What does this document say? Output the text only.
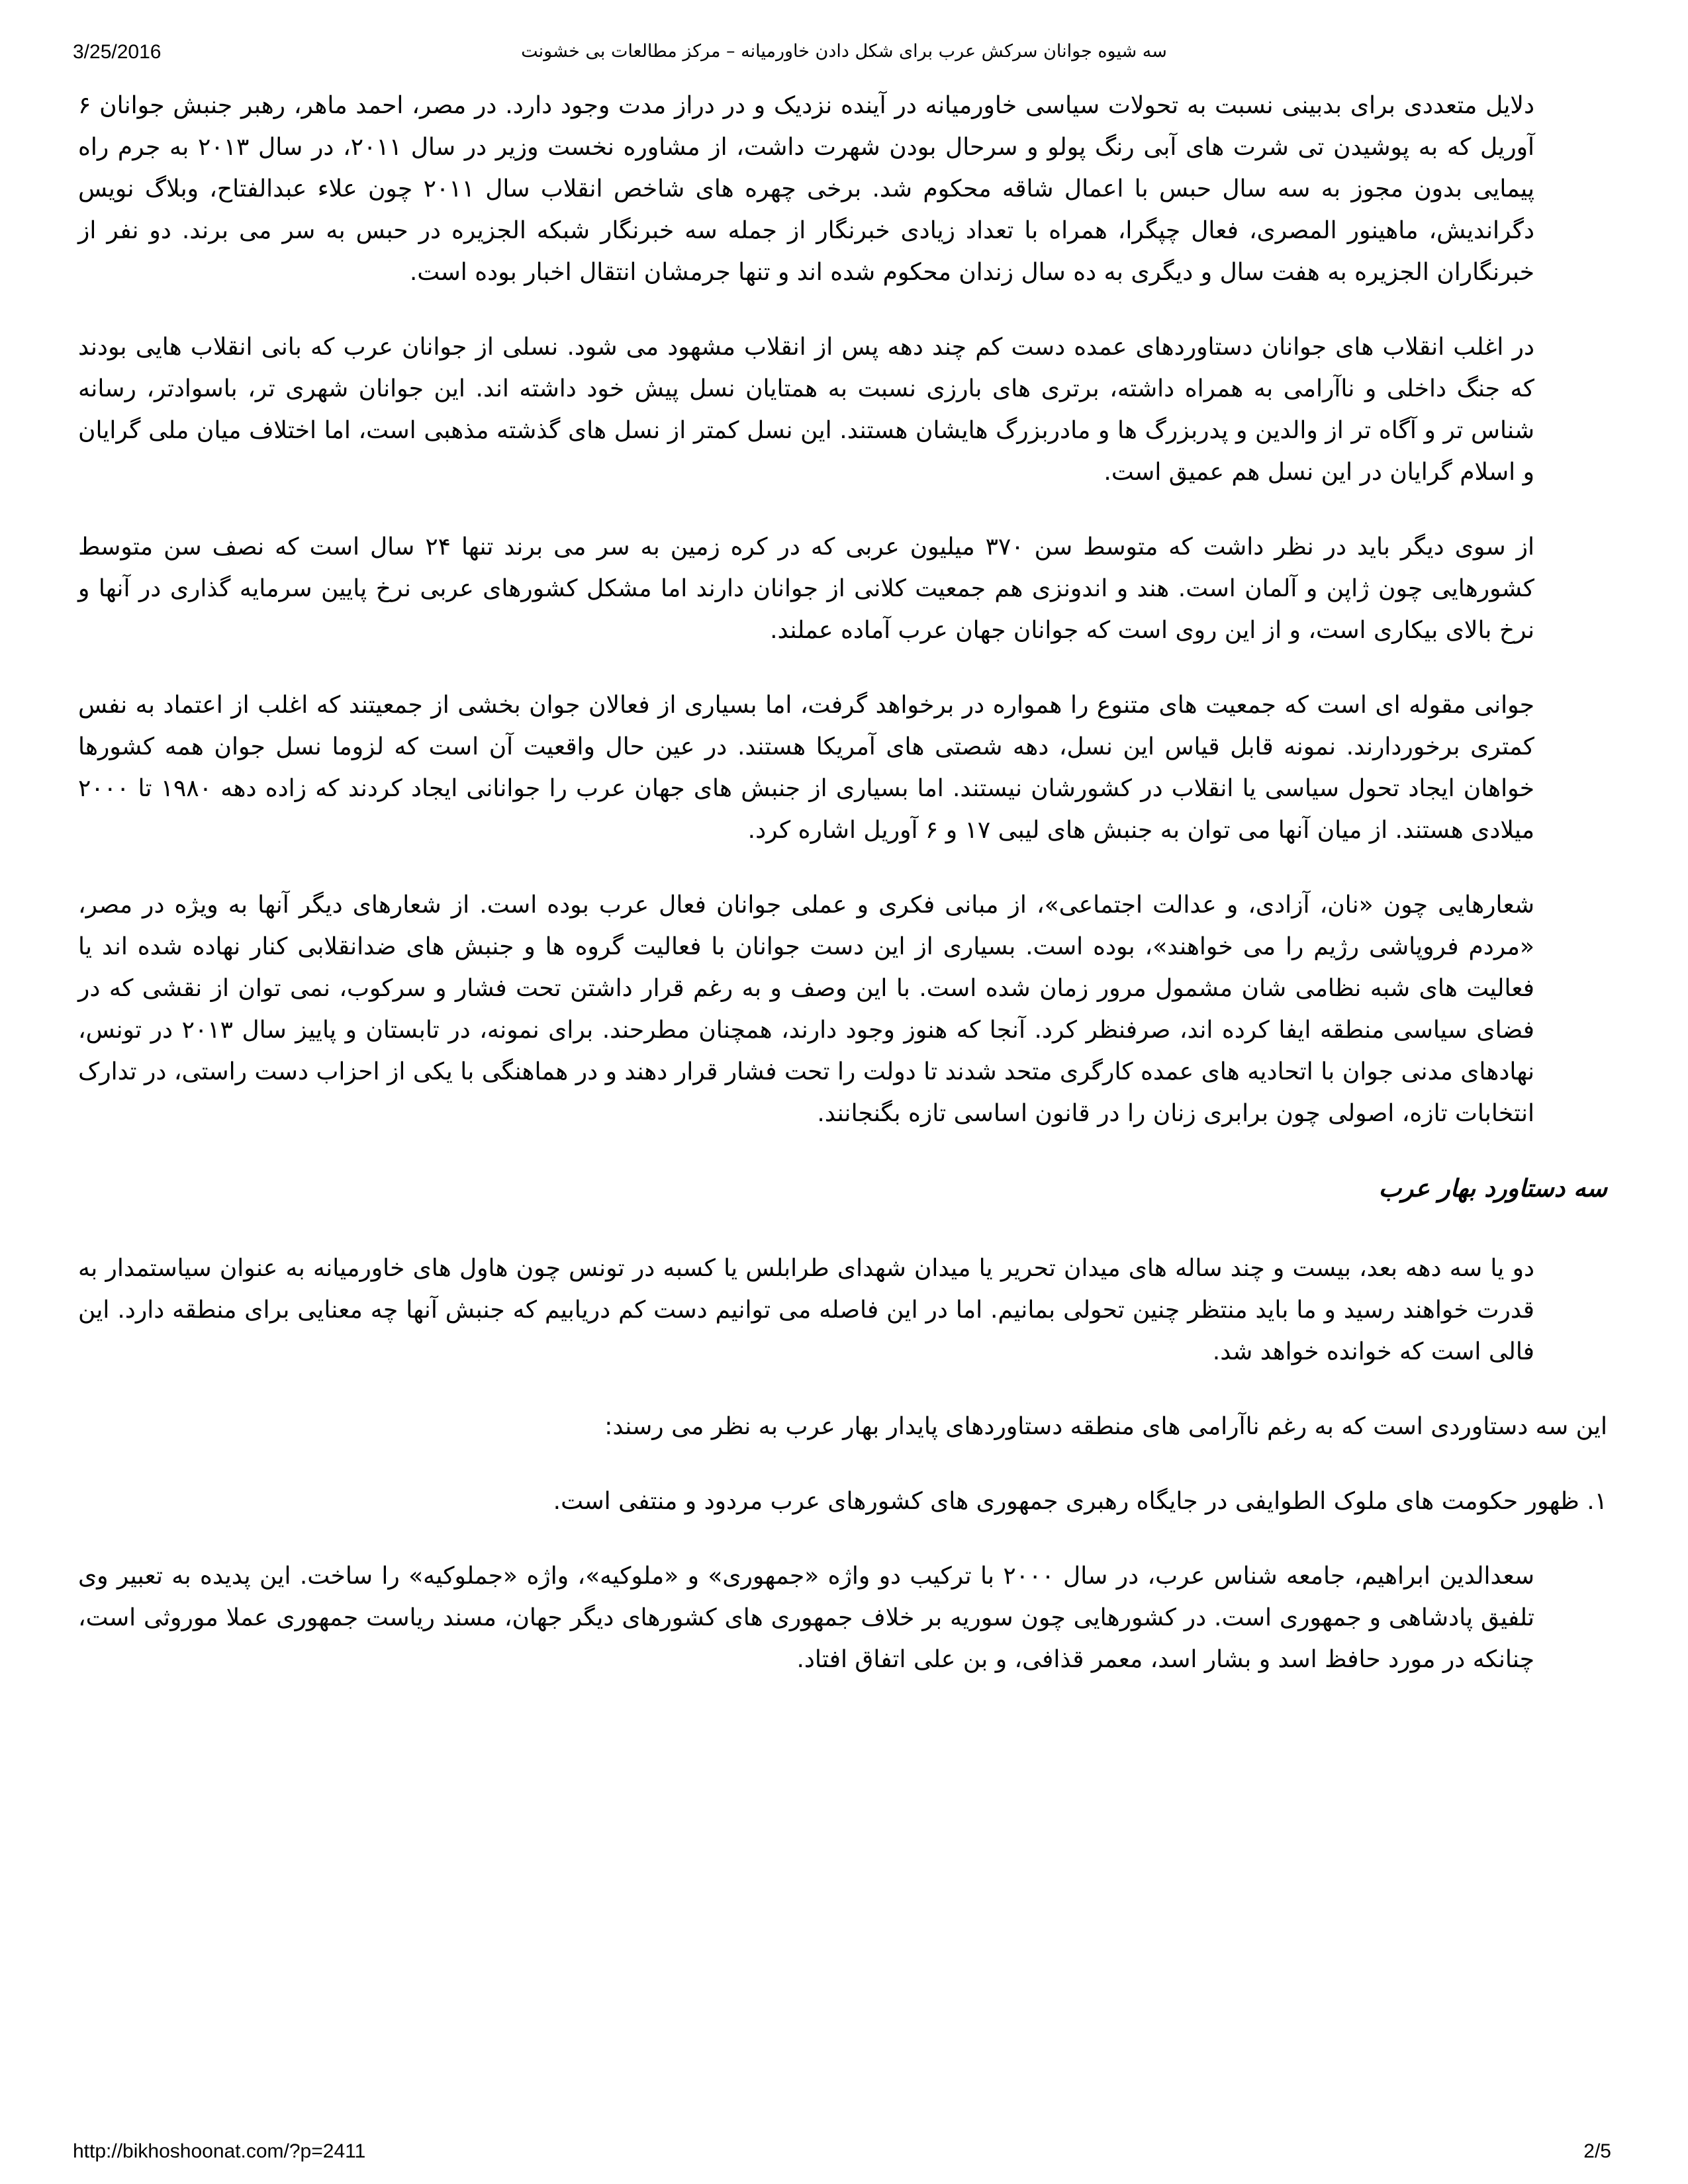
3/25/2016	سه شیوه جوانان سرکش عرب برای شکل دادن خاورمیانه – مرکز مطالعات بی خشونت

دلایل متعددی برای بدبینی نسبت به تحولات سیاسی خاورمیانه در آینده نزدیک و در دراز مدت وجود دارد. در مصر، احمد ماهر، رهبر جنبش جوانان ۶ آوریل که به پوشیدن تی شرت های آبی رنگ پولو و سرحال بودن شهرت داشت، از مشاوره نخست وزیر در سال ۲۰۱۱، در سال ۲۰۱۳ به جرم راه پیمایی بدون مجوز به سه سال حبس با اعمال شاقه محکوم شد. برخی چهره های شاخص انقلاب سال ۲۰۱۱ چون علاء عبدالفتاح، وبلاگ نویس دگراندیش، ماهینور المصری، فعال چپگرا، همراه با تعداد زیادی خبرنگار از جمله سه خبرنگار شبکه الجزیره در حبس به سر می برند. دو نفر از خبرنگاران الجزیره به هفت سال و دیگری به ده سال زندان محکوم شده اند و تنها جرمشان انتقال اخبار بوده است.

در اغلب انقلاب های جوانان دستاوردهای عمده دست کم چند دهه پس از انقلاب مشهود می شود. نسلی از جوانان عرب که بانی انقلاب هایی بودند که جنگ داخلی و ناآرامی به همراه داشته، برتری های بارزی نسبت به همتایان نسل پیش خود داشته اند. این جوانان شهری تر، باسوادتر، رسانه شناس تر و آگاه تر از والدین و پدربزرگ ها و مادربزرگ هایشان هستند. این نسل کمتر از نسل های گذشته مذهبی است، اما اختلاف میان ملی گرایان و اسلام گرایان در این نسل هم عمیق است.

از سوی دیگر باید در نظر داشت که متوسط سن ۳۷۰ میلیون عربی که در کره زمین به سر می برند تنها ۲۴ سال است که نصف سن متوسط کشورهایی چون ژاپن و آلمان است. هند و اندونزی هم جمعیت کلانی از جوانان دارند اما مشکل کشورهای عربی نرخ پایین سرمایه گذاری در آنها و نرخ بالای بیکاری است، و از این روی است که جوانان جهان عرب آماده عملند.

جوانی مقوله ای است که جمعیت های متنوع را همواره در برخواهد گرفت، اما بسیاری از فعالان جوان بخشی از جمعیتند که اغلب از اعتماد به نفس کمتری برخوردارند. نمونه قابل قیاس این نسل، دهه شصتی های آمریکا هستند. در عین حال واقعیت آن است که لزوما نسل جوان همه کشورها خواهان ایجاد تحول سیاسی یا انقلاب در کشورشان نیستند. اما بسیاری از جنبش های جهان عرب را جوانانی ایجاد کردند که زاده دهه ۱۹۸۰ تا ۲۰۰۰ میلادی هستند. از میان آنها می توان به جنبش های لیبی ۱۷ و ۶ آوریل اشاره کرد.

شعارهایی چون «نان، آزادی، و عدالت اجتماعی»، از مبانی فکری و عملی جوانان فعال عرب بوده است. از شعارهای دیگر آنها به ویژه در مصر، «مردم فروپاشی رژیم را می خواهند»، بوده است. بسیاری از این دست جوانان با فعالیت گروه ها و جنبش های ضدانقلابی کنار نهاده شده اند یا فعالیت های شبه نظامی شان مشمول مرور زمان شده است. با این وصف و به رغم قرار داشتن تحت فشار و سرکوب، نمی توان از نقشی که در فضای سیاسی منطقه ایفا کرده اند، صرفنظر کرد. آنجا که هنوز وجود دارند، همچنان مطرحند. برای نمونه، در تابستان و پاییز سال ۲۰۱۳ در تونس، نهادهای مدنی جوان با اتحادیه های عمده کارگری متحد شدند تا دولت را تحت فشار قرار دهند و در هماهنگی با یکی از احزاب دست راستی، در تدارک انتخابات تازه، اصولی چون برابری زنان را در قانون اساسی تازه بگنجانند.

سه دستاورد بهار عرب

دو یا سه دهه بعد، بیست و چند ساله های میدان تحریر یا میدان شهدای طرابلس یا کسبه در تونس چون هاول های خاورمیانه به عنوان سیاستمدار به قدرت خواهند رسید و ما باید منتظر چنین تحولی بمانیم. اما در این فاصله می توانیم دست کم دریابیم که جنبش آنها چه معنایی برای منطقه دارد. این فالی است که خوانده خواهد شد.

این سه دستاوردی است که به رغم ناآرامی های منطقه دستاوردهای پایدار بهار عرب به نظر می رسند:

۱. ظهور حکومت های ملوک الطوایفی در جایگاه رهبری جمهوری های کشورهای عرب مردود و منتفی است.

سعدالدین ابراهیم، جامعه شناس عرب، در سال ۲۰۰۰ با ترکیب دو واژه «جمهوری» و «ملوکیه»، واژه «جملوکیه» را ساخت. این پدیده به تعبیر وی تلفیق پادشاهی و جمهوری است. در کشورهایی چون سوریه بر خلاف جمهوری های کشورهای دیگر جهان، مسند ریاست جمهوری عملا موروثی است، چنانکه در مورد حافظ اسد و بشار اسد، معمر قذافی، و بن علی اتفاق افتاد.

http://bikhoshoonat.com/?p=2411	2/5
